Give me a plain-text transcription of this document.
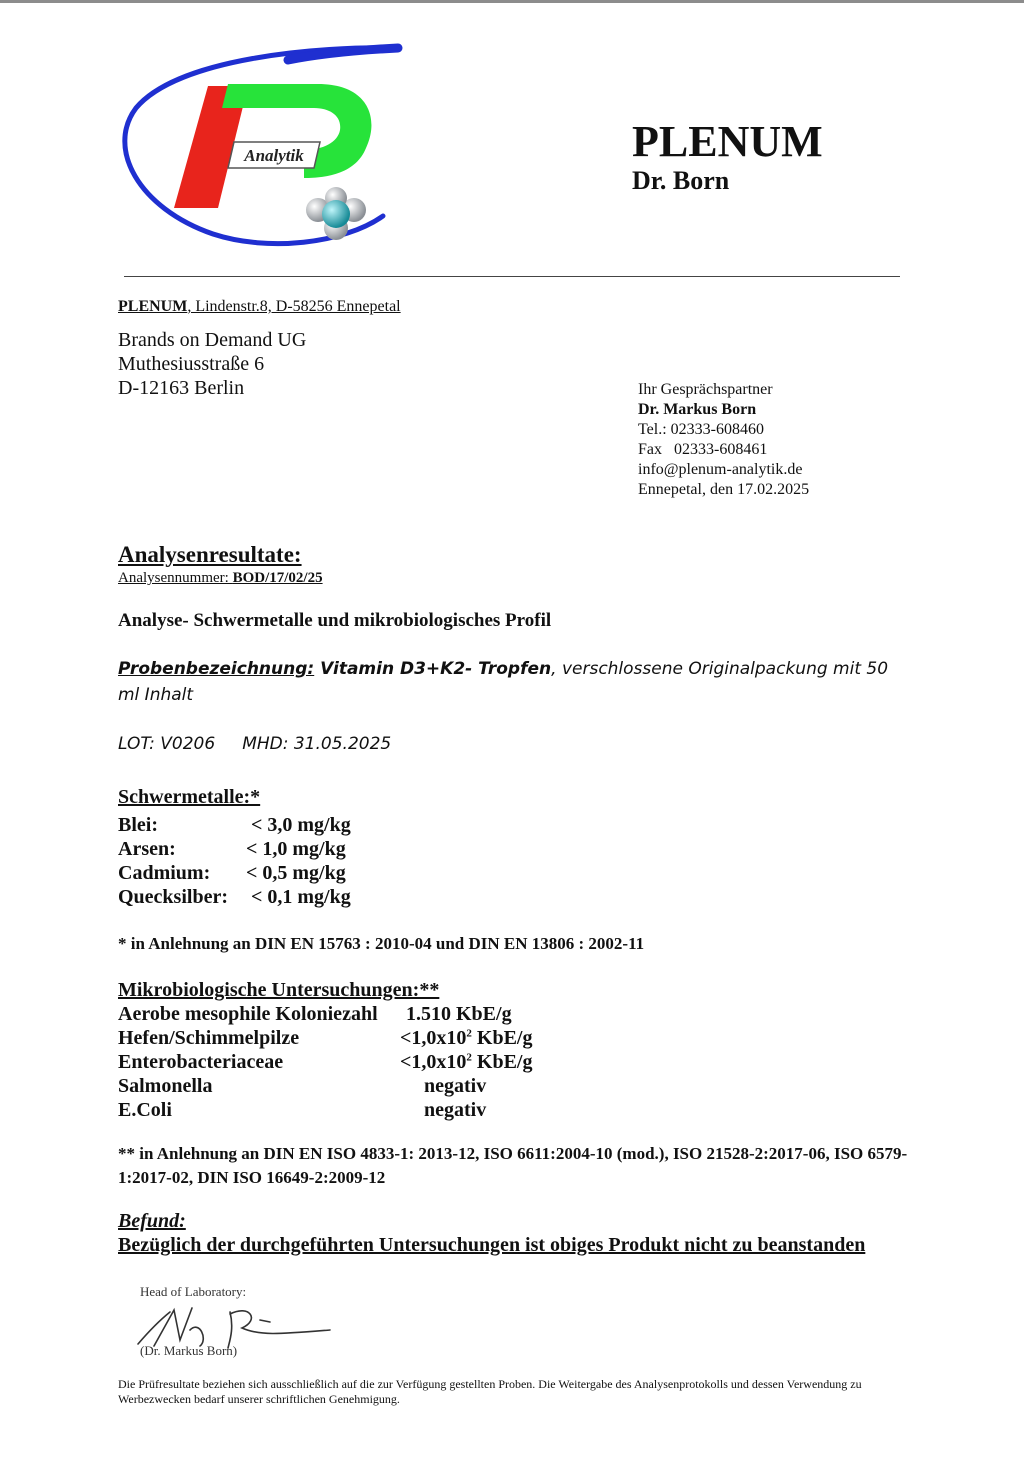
Analytik	PLENUM
Dr. Born
PLENUM, Lindenstr.8, D-58256 Ennepetal
Brands on Demand UG
Muthesiusstraße 6
D-12163 Berlin	Ihr Gesprächspartner
Dr. Markus Born
Tel.: 02333-608460
Fax   02333-608461
info@plenum-analytik.de
Ennepetal, den 17.02.2025
Analysenresultate:
Analysennummer: BOD/17/02/25
Analyse- Schwermetalle und mikrobiologisches Profil
Probenbezeichnung: Vitamin D3+K2- Tropfen, verschlossene Originalpackung mit 50 ml Inhalt
LOT: V0206     MHD: 31.05.2025
Schwermetalle:*
Blei:	< 3,0 mg/kg
Arsen:	< 1,0 mg/kg
Cadmium:	< 0,5 mg/kg
Quecksilber: < 0,1 mg/kg
* in Anlehnung an DIN EN 15763 : 2010-04 und DIN EN 13806 : 2002-11
Mikrobiologische Untersuchungen:**
Aerobe mesophile Koloniezahl	1.510 KbE/g
Hefen/Schimmelpilze	$<1,0x10^2$ KbE/g
Enterobacteriaceae	$<1,0x10^2$ KbE/g
Salmonella	negativ
E.Coli	negativ
** in Anlehnung an DIN EN ISO 4833-1: 2013-12, ISO 6611:2004-10 (mod.), ISO 21528-2:2017-06, ISO 6579-1:2017-02, DIN ISO 16649-2:2009-12
Befund:
Bezüglich der durchgeführten Untersuchungen ist obiges Produkt nicht zu beanstanden
Head of Laboratory:
(Dr. Markus Born)
Die Prüfresultate beziehen sich ausschließlich auf die zur Verfügung gestellten Proben. Die Weitergabe des Analysenprotokolls und dessen Verwendung zu Werbezwecken bedarf unserer schriftlichen Genehmigung.
